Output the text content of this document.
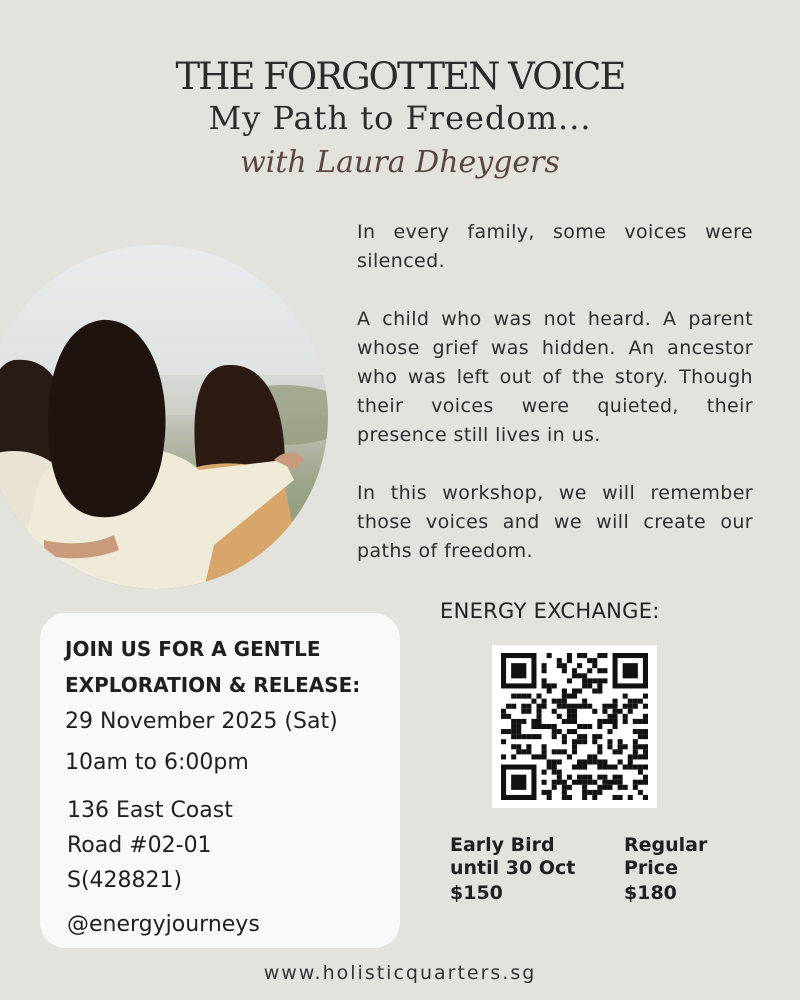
THE FORGOTTEN VOICE
My Path to Freedom...
with Laura Dheygers

In every family, some voices were silenced.

A child who was not heard. A parent whose grief was hidden. An ancestor who was left out of the story. Though their voices were quieted, their presence still lives in us.

In this workshop, we will remember those voices and we will create our paths of freedom.

JOIN US FOR A GENTLE
EXPLORATION & RELEASE:
29 November 2025 (Sat)
10am to 6:00pm
136 East Coast
Road #02-01
S(428821)
@energyjourneys
ENERGY EXCHANGE:
Early Bird
until 30 Oct
$150
Regular
Price
$180
www.holisticquarters.sg
